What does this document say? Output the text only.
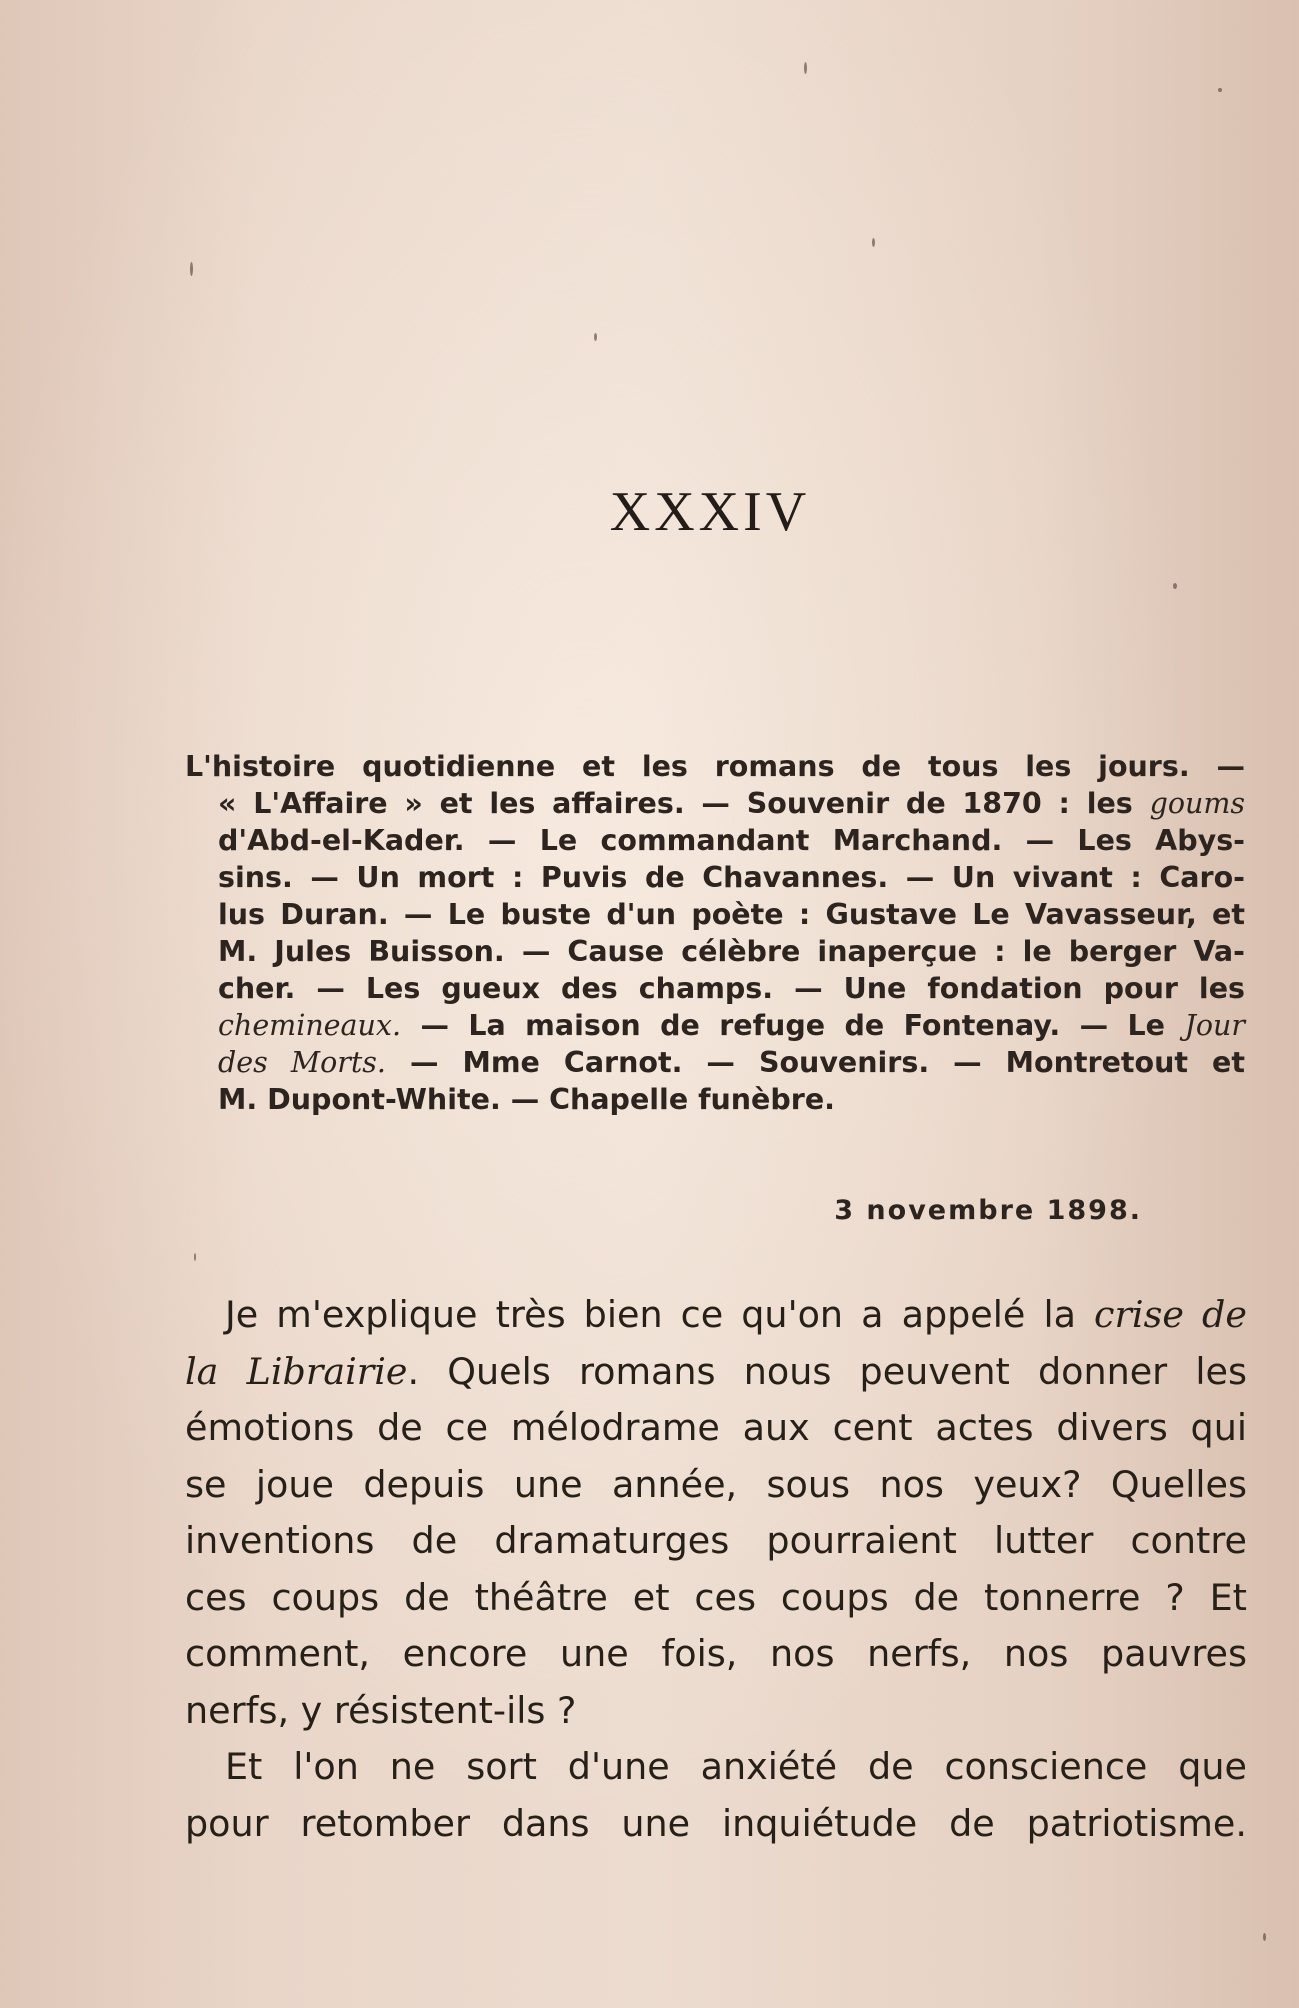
XXXIV
L'histoire quotidienne et les romans de tous les jours. —
« L'Affaire » et les affaires. — Souvenir de 1870 : les goums
d'Abd-el-Kader. — Le commandant Marchand. — Les Abys-
sins. — Un mort : Puvis de Chavannes. — Un vivant : Caro-
lus Duran. — Le buste d'un poète : Gustave Le Vavasseur, et
M. Jules Buisson. — Cause célèbre inaperçue : le berger Va-
cher. — Les gueux des champs. — Une fondation pour les
chemineaux. — La maison de refuge de Fontenay. — Le Jour
des Morts. — Mme Carnot. — Souvenirs. — Montretout et
M. Dupont-White. — Chapelle funèbre.
3 novembre 1898.
Je m'explique très bien ce qu'on a appelé la crise de
la Librairie. Quels romans nous peuvent donner les
émotions de ce mélodrame aux cent actes divers qui
se joue depuis une année, sous nos yeux? Quelles
inventions de dramaturges pourraient lutter contre
ces coups de théâtre et ces coups de tonnerre ? Et
comment, encore une fois, nos nerfs, nos pauvres
nerfs, y résistent-ils ?
Et l'on ne sort d'une anxiété de conscience que
pour retomber dans une inquiétude de patriotisme.
